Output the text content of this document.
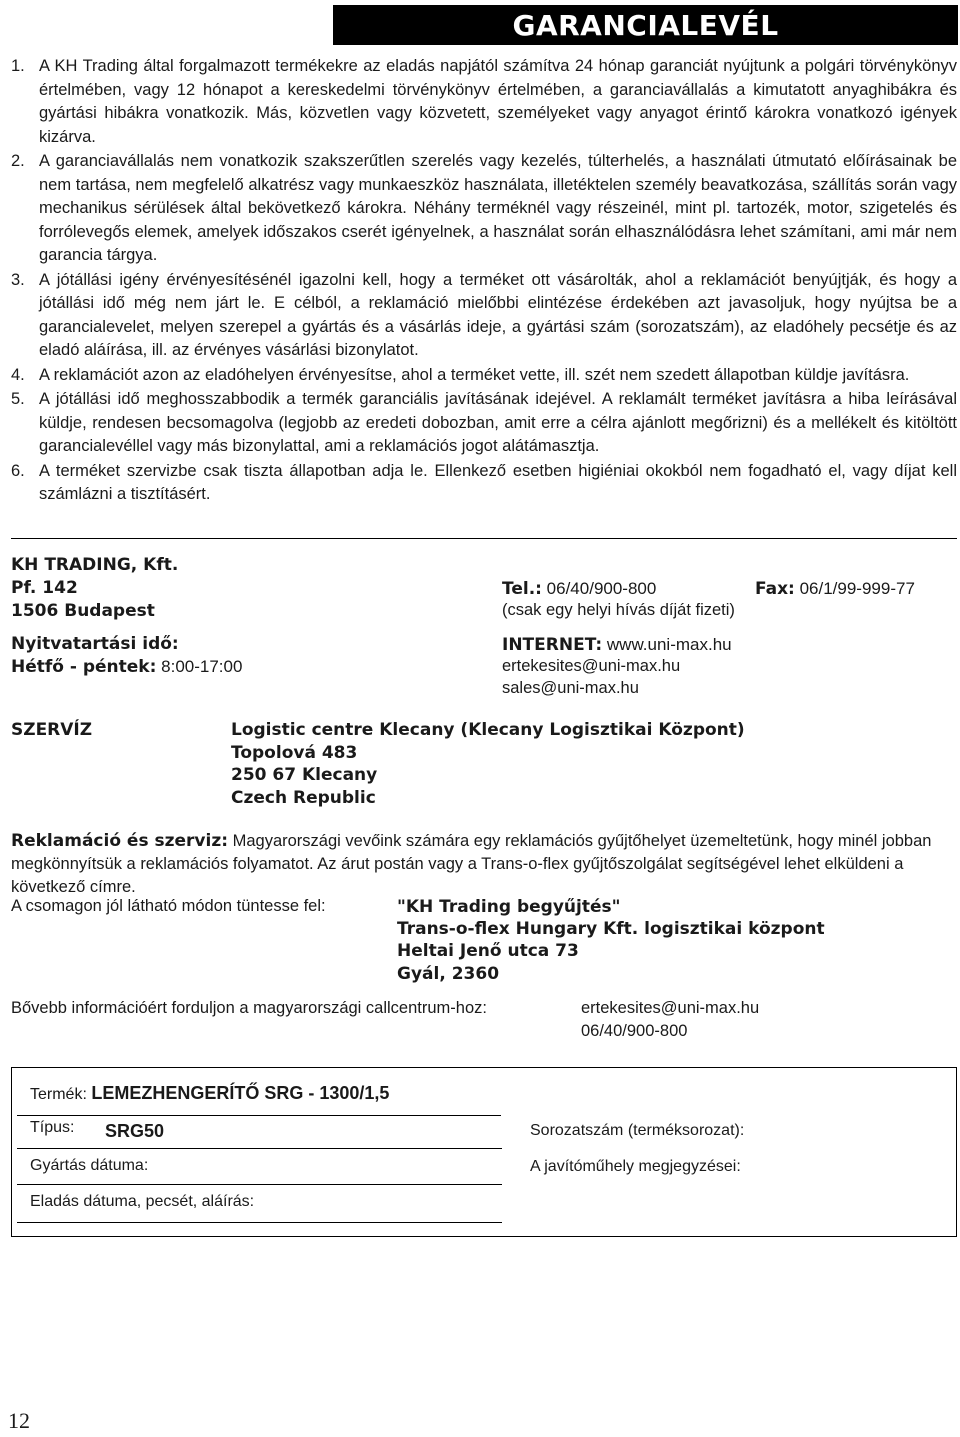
GARANCIALEVÉL
1. A KH Trading által forgalmazott termékekre az eladás napjától számítva 24 hónap garanciát nyújtunk a polgári törvénykönyv értelmében, vagy 12 hónapot a kereskedelmi törvénykönyv értelmében, a garanciavállalás a kimutatott anyaghibákra és gyártási hibákra vonatkozik. Más, közvetlen vagy közvetett, személyeket vagy anyagot érintő károkra vonatkozó igények kizárva.
2. A garanciavállalás nem vonatkozik szakszerűtlen szerelés vagy kezelés, túlterhelés, a használati útmutató előírásainak be nem tartása, nem megfelelő alkatrész vagy munkaeszköz használata, illetéktelen személy beavatkozása, szállítás során vagy mechanikus sérülések által bekövetkező károkra. Néhány terméknél vagy részeinél, mint pl. tartozék, motor, szigetelés és forrólevegős elemek, amelyek időszakos cserét igényelnek, a használat során elhasználódásra lehet számítani, ami már nem garancia tárgya.
3. A jótállási igény érvényesítésénél igazolni kell, hogy a terméket ott vásárolták, ahol a reklamációt benyújtják, és hogy a jótállási idő még nem járt le. E célból, a reklamáció mielőbbi elintézése érdekében azt javasoljuk, hogy nyújtsa be a garancialevelet, melyen szerepel a gyártás és a vásárlás ideje, a gyártási szám (sorozatszám), az eladóhely pecsétje és az eladó aláírása, ill. az érvényes vásárlási bizonylatot.
4. A reklamációt azon az eladóhelyen érvényesítse, ahol a terméket vette, ill. szét nem szedett állapotban küldje javításra.
5. A jótállási idő meghosszabbodik a termék garanciális javításának idejével. A reklamált terméket javításra a hiba leírásával küldje, rendesen becsomagolva (legjobb az eredeti dobozban, amit erre a célra ajánlott megőrizni) és a mellékelt és kitöltött garancialevéllel vagy más bizonylattal, ami a reklamációs jogot alátámasztja.
6. A terméket szervizbe csak tiszta állapotban adja le. Ellenkező esetben higiéniai okokból nem fogadható el, vagy díjat kell számlázni a tisztításért.
KH TRADING, Kft.
Pf. 142
1506 Budapest
Nyitvatartási idő:
Hétfő - péntek: 8:00-17:00
Tel.: 06/40/900-800	Fax: 06/1/99-999-77
(csak egy helyi hívás díját fizeti)
INTERNET: www.uni-max.hu
ertekesites@uni-max.hu
sales@uni-max.hu
SZERVÍZ	Logistic centre Klecany (Klecany Logisztikai Központ)
Topolová 483
250 67 Klecany
Czech Republic
Reklamáció és szerviz: Magyarországi vevőink számára egy reklamációs gyűjtőhelyet üzemeltetünk, hogy minél jobban megkönnyítsük a reklamációs folyamatot. Az árut postán vagy a Trans-o-flex gyűjtőszolgálat segítségével lehet elküldeni a következő címre.
A csomagon jól látható módon tüntesse fel:	"KH Trading begyűjtés"
Trans-o-flex Hungary Kft. logisztikai központ
Heltai Jenő utca 73
Gyál, 2360
Bővebb információért forduljon a magyarországi callcentrum-hoz:	ertekesites@uni-max.hu
06/40/900-800
Termék: LEMEZHENGERÍTŐ SRG - 1300/1,5
Típus: SRG50	Sorozatszám (terméksorozat):
Gyártás dátuma:	A javítóműhely megjegyzései:
Eladás dátuma, pecsét, aláírás:
12
